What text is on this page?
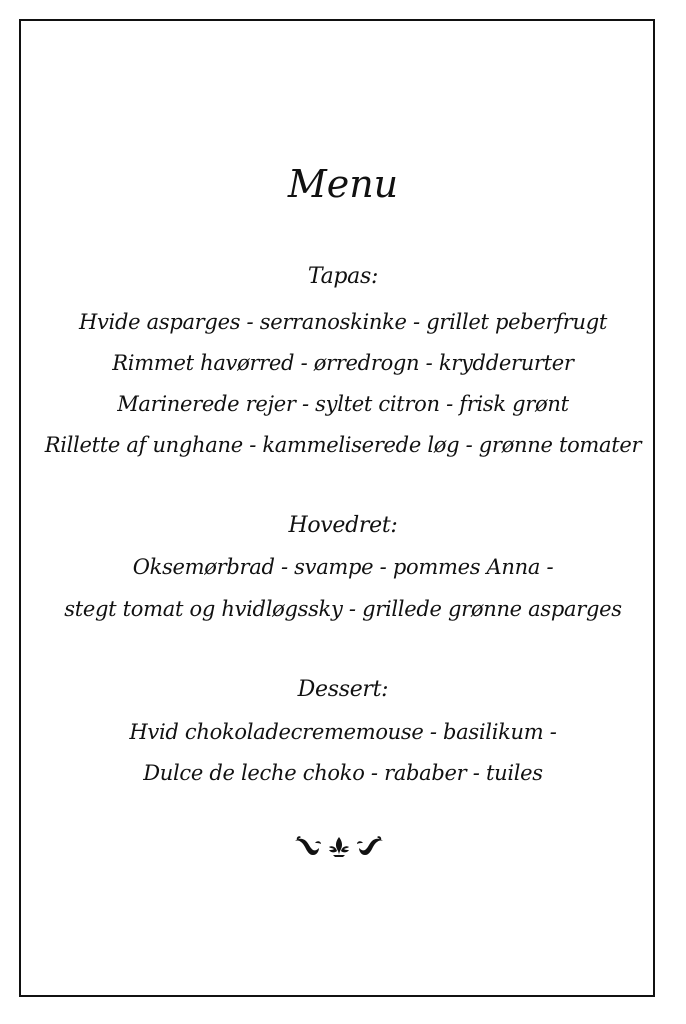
Menu
Tapas:
Hvide asparges - serranoskinke - grillet peberfrugt
Rimmet havørred - ørredrogn - krydderurter
Marinerede rejer - syltet citron - frisk grønt
Rillette af unghane - kammeliserede løg - grønne tomater
Hovedret:
Oksemørbrad - svampe - pommes Anna -
stegt tomat og hvidløgssky - grillede grønne asparges
Dessert:
Hvid chokoladecrememouse - basilikum -
Dulce de leche choko - rababer - tuiles
